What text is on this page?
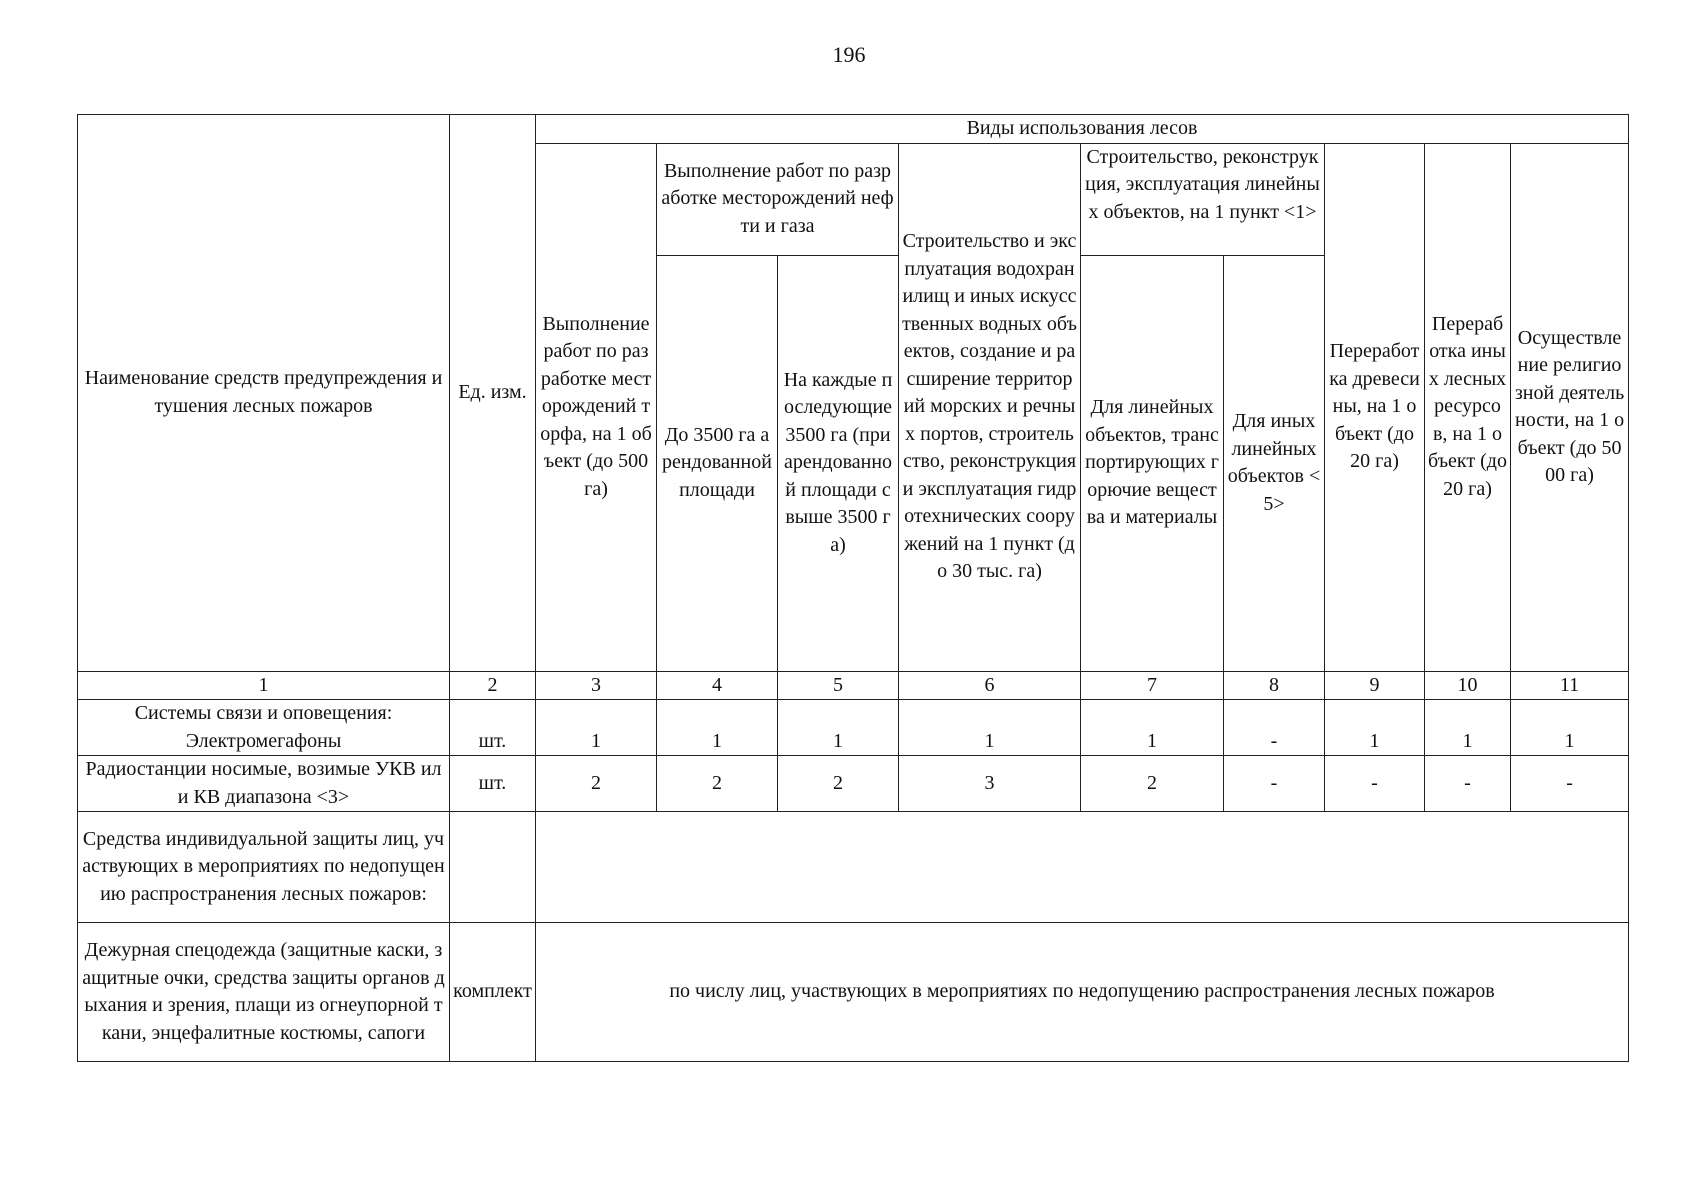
196
Наименование средств предупреждения и тушения лесных пожаров	Ед. изм.	Виды использования лесов								
		Выполнение работ по разработке месторождений торфа, на 1 объект (до 500 га)	Выполнение работ по разработке месторождений нефти и газа		Строительство и эксплуатация водохранилищ и иных искусственных водных объектов, создание и расширение территорий морских и речных портов, строительство, реконструкция и эксплуатация гидротехнических сооружений на 1 пункт (до 30 тыс. га)	Строительство, реконструкция, эксплуатация линейных объектов, на 1 пункт <1>		Переработка древесины, на 1 объект (до 20 га)	Переработка иных лесных ресурсов, на 1 объект (до 20 га)	Осуществление религиозной деятельности, на 1 объект (до 5000 га)
			До 3500 га арендованной площади	На каждые последующие 3500 га (при арендованной площади свыше 3500 га)		Для линейных объектов, транспортирующих горючие вещества и материалы	Для иных линейных объектов <5>			
1	2	3	4	5	6	7	8	9	10	11
Системы связи и оповещения:
Электромегафоны	шт.	1	1	1	1	1	-	1	1	1
Радиостанции носимые, возимые УКВ или КВ диапазона <3>	шт.	2	2	2	3	2	-	-	-	-
Средства индивидуальной защиты лиц, участвующих в мероприятиях по недопущению распространения лесных пожаров:										
Дежурная спецодежда (защитные каски, защитные очки, средства защиты органов дыхания и зрения, плащи из огнеупорной ткани, энцефалитные костюмы, сапоги	комплект	по числу лиц, участвующих в мероприятиях по недопущению распространения лесных пожаров								
